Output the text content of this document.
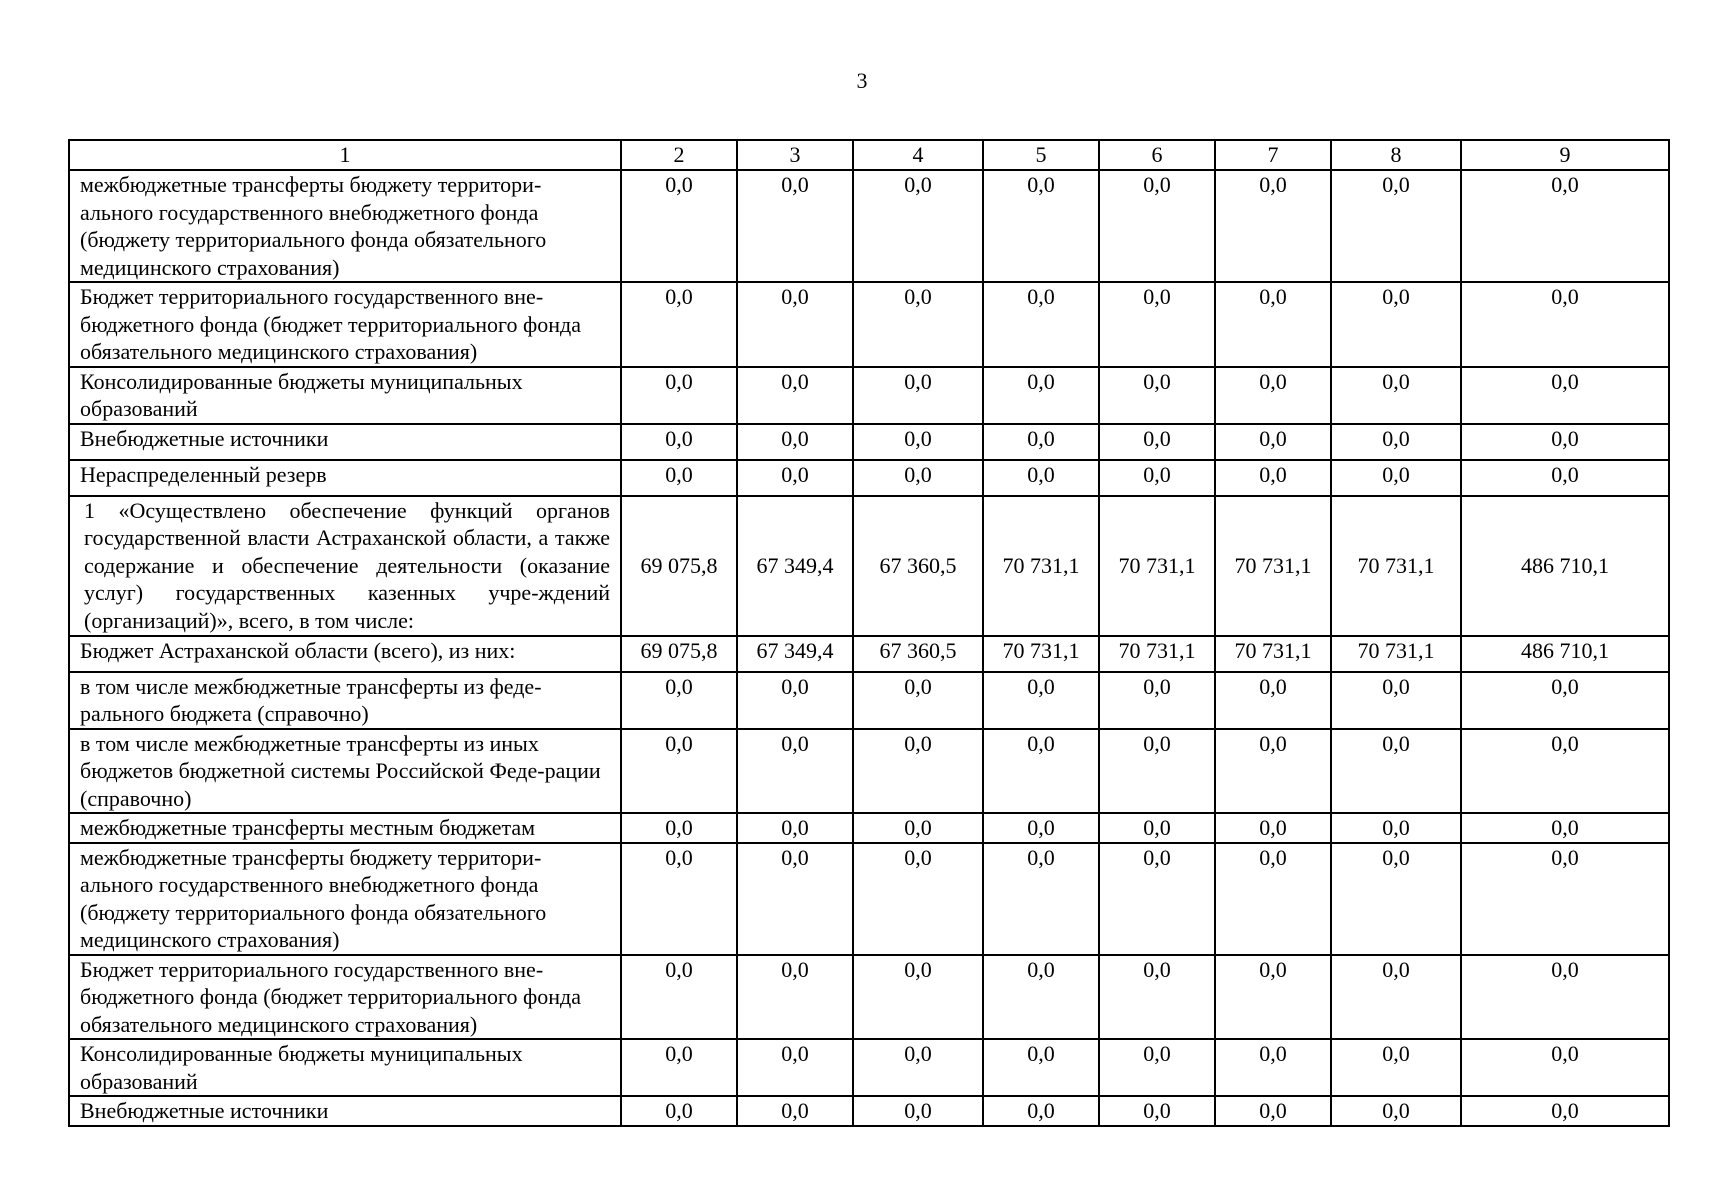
3
1	2	3	4	5	6	7	8	9
межбюджетные трансферты бюджету территори-ального государственного внебюджетного фонда (бюджету территориального фонда обязательного медицинского страхования)	0,0	0,0	0,0	0,0	0,0	0,0	0,0	0,0
Бюджет территориального государственного вне-бюджетного фонда (бюджет территориального фонда обязательного медицинского страхования)	0,0	0,0	0,0	0,0	0,0	0,0	0,0	0,0
Консолидированные бюджеты муниципальных образований	0,0	0,0	0,0	0,0	0,0	0,0	0,0	0,0
Внебюджетные источники	0,0	0,0	0,0	0,0	0,0	0,0	0,0	0,0
Нераспределенный резерв	0,0	0,0	0,0	0,0	0,0	0,0	0,0	0,0
1 «Осуществлено обеспечение функций органов государственной власти Астраханской области, а также содержание и обеспечение деятельности (оказание услуг) государственных казенных учре-ждений (организаций)», всего, в том числе:	69 075,8	67 349,4	67 360,5	70 731,1	70 731,1	70 731,1	70 731,1	486 710,1
Бюджет Астраханской области (всего), из них:	69 075,8	67 349,4	67 360,5	70 731,1	70 731,1	70 731,1	70 731,1	486 710,1
в том числе межбюджетные трансферты из феде-рального бюджета (справочно)	0,0	0,0	0,0	0,0	0,0	0,0	0,0	0,0
в том числе межбюджетные трансферты из иных бюджетов бюджетной системы Российской Феде-рации (справочно)	0,0	0,0	0,0	0,0	0,0	0,0	0,0	0,0
межбюджетные трансферты местным бюджетам	0,0	0,0	0,0	0,0	0,0	0,0	0,0	0,0
межбюджетные трансферты бюджету территори-ального государственного внебюджетного фонда (бюджету территориального фонда обязательного медицинского страхования)	0,0	0,0	0,0	0,0	0,0	0,0	0,0	0,0
Бюджет территориального государственного вне-бюджетного фонда (бюджет территориального фонда обязательного медицинского страхования)	0,0	0,0	0,0	0,0	0,0	0,0	0,0	0,0
Консолидированные бюджеты муниципальных образований	0,0	0,0	0,0	0,0	0,0	0,0	0,0	0,0
Внебюджетные источники	0,0	0,0	0,0	0,0	0,0	0,0	0,0	0,0
